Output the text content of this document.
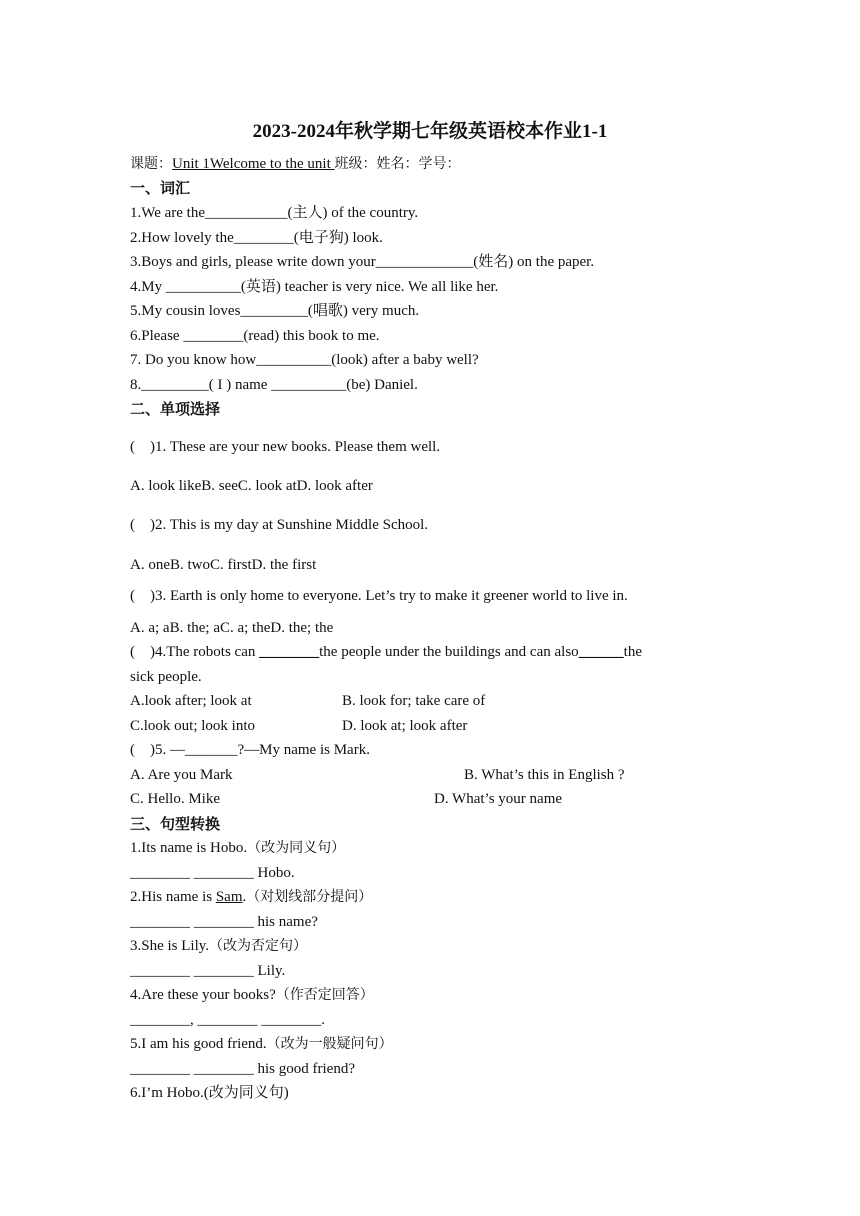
2023-2024年秋学期七年级英语校本作业1-1
课题：Unit 1Welcome to the unit 班级：姓名：学号：
一、词汇
1.We are the___________(主人) of the country.
2.How lovely the________(电子狗) look.
3.Boys and girls, please write down your_____________(姓名) on the paper.
4.My __________(英语) teacher is very nice. We all like her.
5.My cousin loves_________(唱歌) very much.
6.Please ________(read) this book to me.
7. Do you know how__________(look) after a baby well?
8._________( I ) name __________(be) Daniel.
二、单项选择
(    )1. These are your new books. Please them well.
A. look likeB. seeC. look atD. look after
(    )2. This is my day at Sunshine Middle School.
A. oneB. twoC. firstD. the first
(    )3. Earth is only home to everyone. Let’s try to make it greener world to live in.
A. a; aB. the; aC. a; theD. the; the
(    )4.The robots can ________the people under the buildings and can also______the
sick people.
A.look after; look at	B. look for; take care of
C.look out; look into	D. look at; look after
(    )5. —_______?—My name is Mark.
A. Are you Mark	B. What’s this in English ?
C. Hello. Mike	D. What’s your name
三、句型转换
1.Its name is Hobo.（改为同义句）
________ ________ Hobo.
2.His name is Sam.（对划线部分提问）
________ ________ his name?
3.She is Lily.（改为否定句）
________ ________ Lily.
4.Are these your books?（作否定回答）
________, ________ ________.
5.I am his good friend.（改为一般疑问句）
________ ________ his good friend?
6.I’m Hobo.(改为同义句)
